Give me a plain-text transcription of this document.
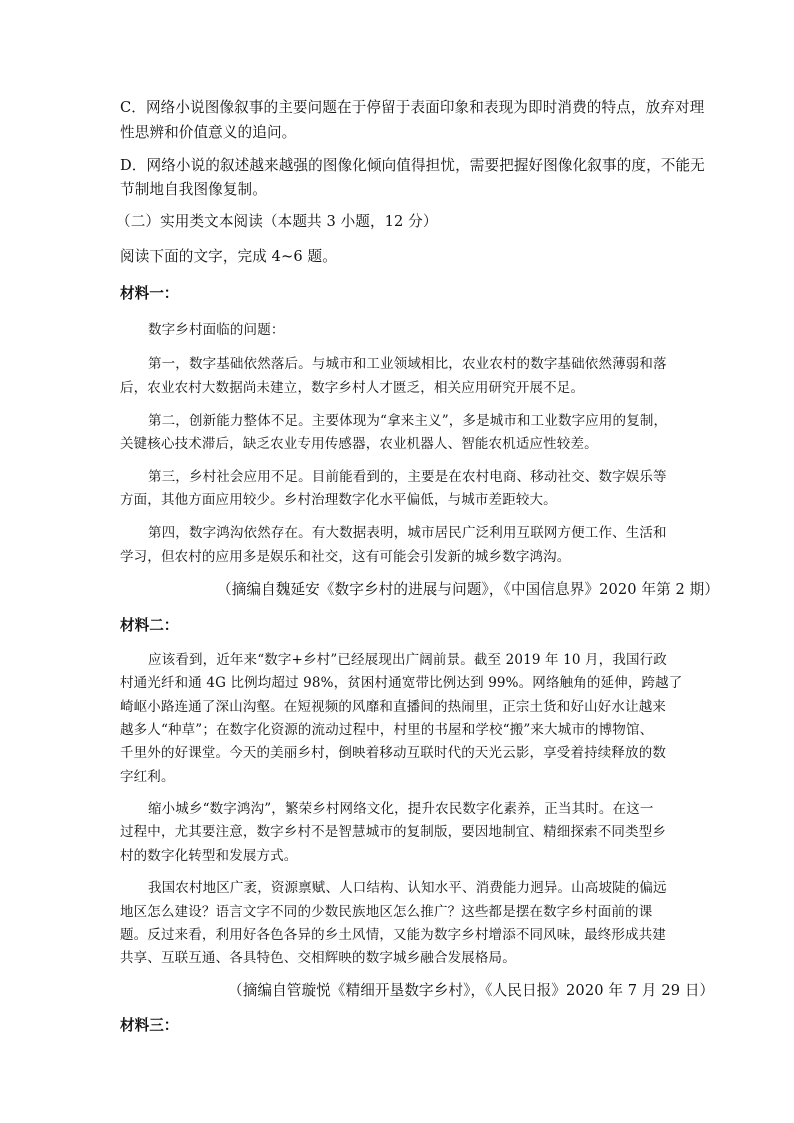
C．网络小说图像叙事的主要问题在于停留于表面印象和表现为即时消费的特点，放弃对理
性思辨和价值意义的追问。
D．网络小说的叙述越来越强的图像化倾向值得担忧，需要把握好图像化叙事的度，不能无
节制地自我图像复制。
（二）实用类文本阅读（本题共 3 小题，12 分）
阅读下面的文字，完成 4~6 题。
材料一：
数字乡村面临的问题：
第一，数字基础依然落后。与城市和工业领域相比，农业农村的数字基础依然薄弱和落
后，农业农村大数据尚未建立，数字乡村人才匮乏，相关应用研究开展不足。
第二，创新能力整体不足。主要体现为“拿来主义”，多是城市和工业数字应用的复制，
关键核心技术滞后，缺乏农业专用传感器，农业机器人、智能农机适应性较差。
第三，乡村社会应用不足。目前能看到的，主要是在农村电商、移动社交、数字娱乐等
方面，其他方面应用较少。乡村治理数字化水平偏低，与城市差距较大。
第四，数字鸿沟依然存在。有大数据表明，城市居民广泛利用互联网方便工作、生活和
学习，但农村的应用多是娱乐和社交，这有可能会引发新的城乡数字鸿沟。
（摘编自魏延安《数字乡村的进展与问题》，《中国信息界》2020 年第 2 期）
材料二：
应该看到，近年来“数字+乡村”已经展现出广阔前景。截至 2019 年 10 月，我国行政
村通光纤和通 4G 比例均超过 98%，贫困村通宽带比例达到 99%。网络触角的延伸，跨越了
崎岖小路连通了深山沟壑。在短视频的风靡和直播间的热闹里，正宗土货和好山好水让越来
越多人“种草”；在数字化资源的流动过程中，村里的书屋和学校“搬”来大城市的博物馆、
千里外的好课堂。今天的美丽乡村，倒映着移动互联时代的天光云影，享受着持续释放的数
字红利。
缩小城乡“数字鸿沟”，繁荣乡村网络文化，提升农民数字化素养，正当其时。在这一
过程中，尤其要注意，数字乡村不是智慧城市的复制版，要因地制宜、精细探索不同类型乡
村的数字化转型和发展方式。
我国农村地区广袤，资源禀赋、人口结构、认知水平、消费能力迥异。山高坡陡的偏远
地区怎么建设？语言文字不同的少数民族地区怎么推广？这些都是摆在数字乡村面前的课
题。反过来看，利用好各色各异的乡土风情，又能为数字乡村增添不同风味，最终形成共建
共享、互联互通、各具特色、交相辉映的数字城乡融合发展格局。
（摘编自管璇悦《精细开垦数字乡村》，《人民日报》2020 年 7 月 29 日）
材料三：
